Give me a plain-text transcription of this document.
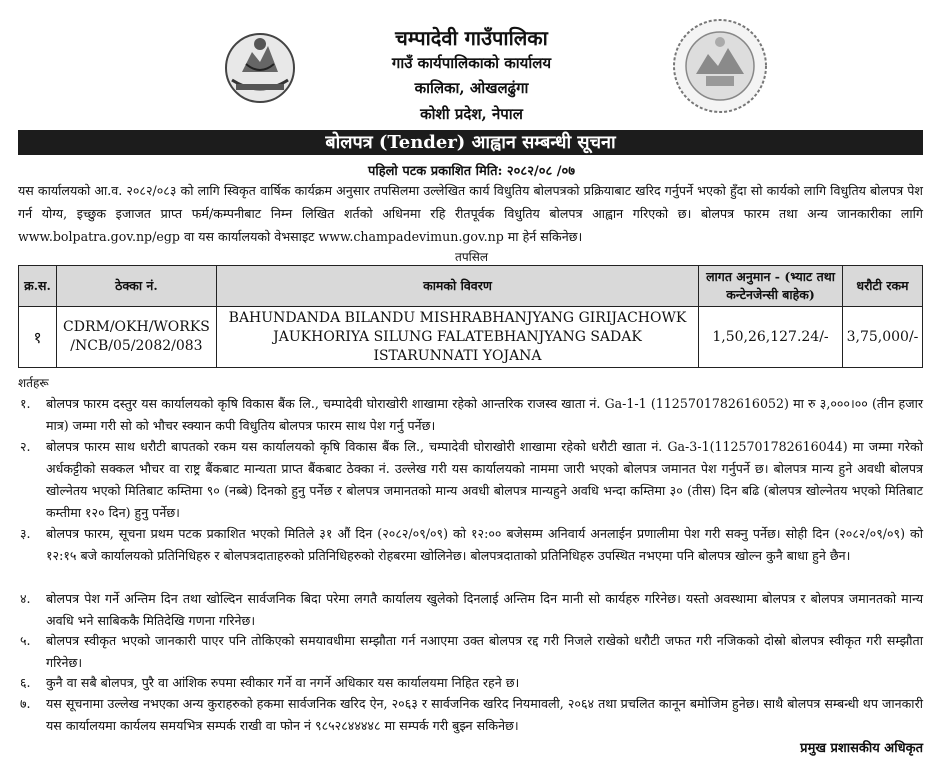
चम्पादेवी गाउँपालिका
गाउँ कार्यपालिकाको कार्यालय
कालिका, ओखलढुंगा
कोशी प्रदेश, नेपाल
बोलपत्र (Tender) आह्वान सम्बन्धी सूचना
पहिलो पटक प्रकाशित मिति: २०८२/०८ /०७
यस कार्यालयको आ.व. २०८२/०८३ को लागि स्विकृत वार्षिक कार्यक्रम अनुसार तपसिलमा उल्लेखित कार्य विधुतिय बोलपत्रको प्रक्रियाबाट खरिद गर्नुपर्ने भएको हुँदा सो कार्यको लागि विधुतिय बोलपत्र पेश गर्न योग्य, इच्छुक इजाजत प्राप्त फर्म/कम्पनीबाट निम्न लिखित शर्तको अधिनमा रहि रीतपूर्वक विधुतिय बोलपत्र आह्वान गरिएको छ। बोलपत्र फारम तथा अन्य जानकारीका लागि www.bolpatra.gov.np/egp वा यस कार्यालयको वेभसाइट www.champadevimun.gov.np मा हेर्न सकिनेछ।
तपसिल
क्र.स.	ठेक्का नं.	कामको विवरण	लागत अनुमान - (भ्याट तथा कन्टेनजेन्सी बाहेक)	धरौटी रकम
१	CDRM/OKH/WORKS /NCB/05/2082/083	BAHUNDANDA BILANDU MISHRABHANJYANG GIRIJACHOWK JAUKHORIYA SILUNG FALATEBHANJYANG SADAK ISTARUNNATI YOJANA	1,50,26,127.24/-	3,75,000/-
शर्तहरू
१.	बोलपत्र फारम दस्तुर यस कार्यालयको कृषि विकास बैंक लि., चम्पादेवी घोराखोरी शाखामा रहेको आन्तरिक राजस्व खाता नं. Ga-1-1 (1125701782616052) मा रु ३,०००।०० (तीन हजार मात्र) जम्मा गरी सो को भौचर स्क्यान कपी विधुतिय बोलपत्र फारम साथ पेश गर्नु पर्नेछ।
२.	बोलपत्र फारम साथ धरौटी बापतको रकम यस कार्यालयको कृषि विकास बैंक लि., चम्पादेवी घोराखोरी शाखामा रहेको धरौटी खाता नं. Ga-3-1(1125701782616044) मा जम्मा गरेको अर्धकट्टीको सक्कल भौचर वा राष्ट्र बैंकबाट मान्यता प्राप्त बैंकबाट ठेक्का नं. उल्लेख गरी यस कार्यालयको नाममा जारी भएको बोलपत्र जमानत पेश गर्नुपर्ने छ। बोलपत्र मान्य हुने अवधी बोलपत्र खोल्नेतय भएको मितिबाट कम्तिमा ९० (नब्बे) दिनको हुनु पर्नेछ र बोलपत्र जमानतको मान्य अवधी बोलपत्र मान्यहुने अवधि भन्दा कम्तिमा ३० (तीस) दिन बढि (बोलपत्र खोल्नेतय भएको मितिबाट कम्तीमा १२० दिन) हुनु पर्नेछ।
३.	बोलपत्र फारम, सूचना प्रथम पटक प्रकाशित भएको मितिले ३१ औं दिन (२०८२/०९/०९) को १२:०० बजेसम्म अनिवार्य अनलाईन प्रणालीमा पेश गरी सक्नु पर्नेछ। सोही दिन (२०८२/०९/०९) को १२:१५ बजे कार्यालयको प्रतिनिधिहरु र बोलपत्रदाताहरुको प्रतिनिधिहरुको रोहबरमा खोलिनेछ। बोलपत्रदाताको प्रतिनिधिहरु उपस्थित नभएमा पनि बोलपत्र खोल्न कुनै बाधा हुने छैन।
४.	बोलपत्र पेश गर्ने अन्तिम दिन तथा खोल्दिन सार्वजनिक बिदा परेमा लगतै कार्यालय खुलेको दिनलाई अन्तिम दिन मानी सो कार्यहरु गरिनेछ। यस्तो अवस्थामा बोलपत्र र बोलपत्र जमानतको मान्य अवधि भने साबिककै मितिदेखि गणना गरिनेछ।
५.	बोलपत्र स्वीकृत भएको जानकारी पाएर पनि तोकिएको समयावधीमा सम्झौता गर्न नआएमा उक्त बोलपत्र रद्द गरी निजले राखेको धरौटी जफत गरी नजिकको दोस्रो बोलपत्र स्वीकृत गरी सम्झौता गरिनेछ।
६.	कुनै वा सबै बोलपत्र, पुरै वा आंशिक रुपमा स्वीकार गर्ने वा नगर्ने अधिकार यस कार्यालयमा निहित रहने छ।
७.	यस सूचनामा उल्लेख नभएका अन्य कुराहरुको हकमा सार्वजनिक खरिद ऐन, २०६३ र सार्वजनिक खरिद नियमावली, २०६४ तथा प्रचलित कानून बमोजिम हुनेछ। साथै बोलपत्र सम्बन्धी थप जानकारी यस कार्यालयमा कार्यलय समयभित्र सम्पर्क राखी वा फोन नं ९८५२८४४४४८ मा सम्पर्क गरी बुझ्न सकिनेछ।
प्रमुख प्रशासकीय अधिकृत
